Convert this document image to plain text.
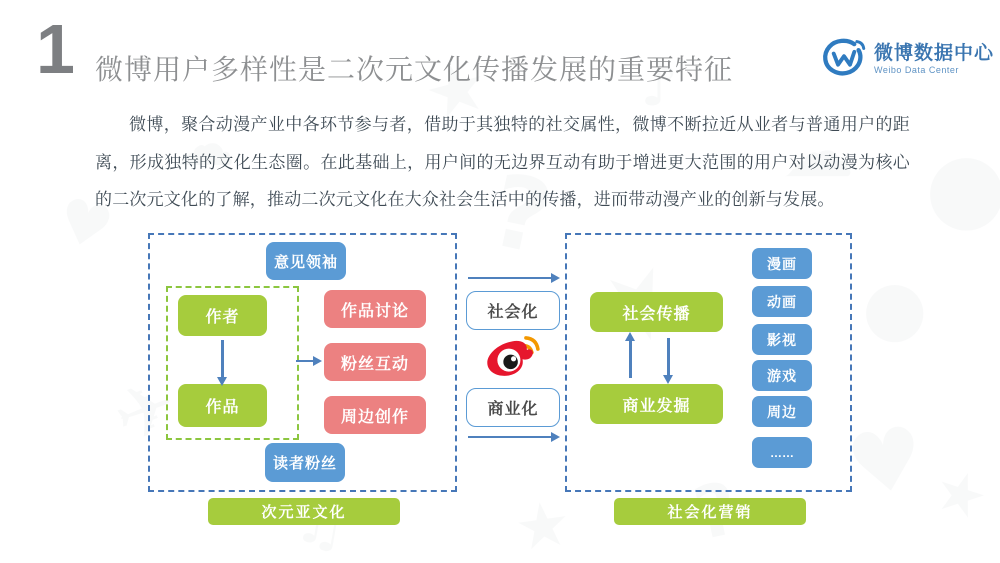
1 微博用户多样性是二次元文化传播发展的重要特征
微博数据中心
Weibo Data Center

微博，聚合动漫产业中各环节参与者，借助于其独特的社交属性，微博不断拉近从业者与普通用户的距离，形成独特的文化生态圈。在此基础上，用户间的无边界互动有助于增进更大范围的用户对以动漫为核心的二次元文化的了解，推动二次元文化在大众社会生活中的传播，进而带动漫产业的创新与发展。

意见领袖
作者
作品
作品讨论
粉丝互动
周边创作
读者粉丝
次元亚文化
社会化
商业化
社会传播
商业发掘
漫画
动画
影视
游戏
周边
……
社会化营销
